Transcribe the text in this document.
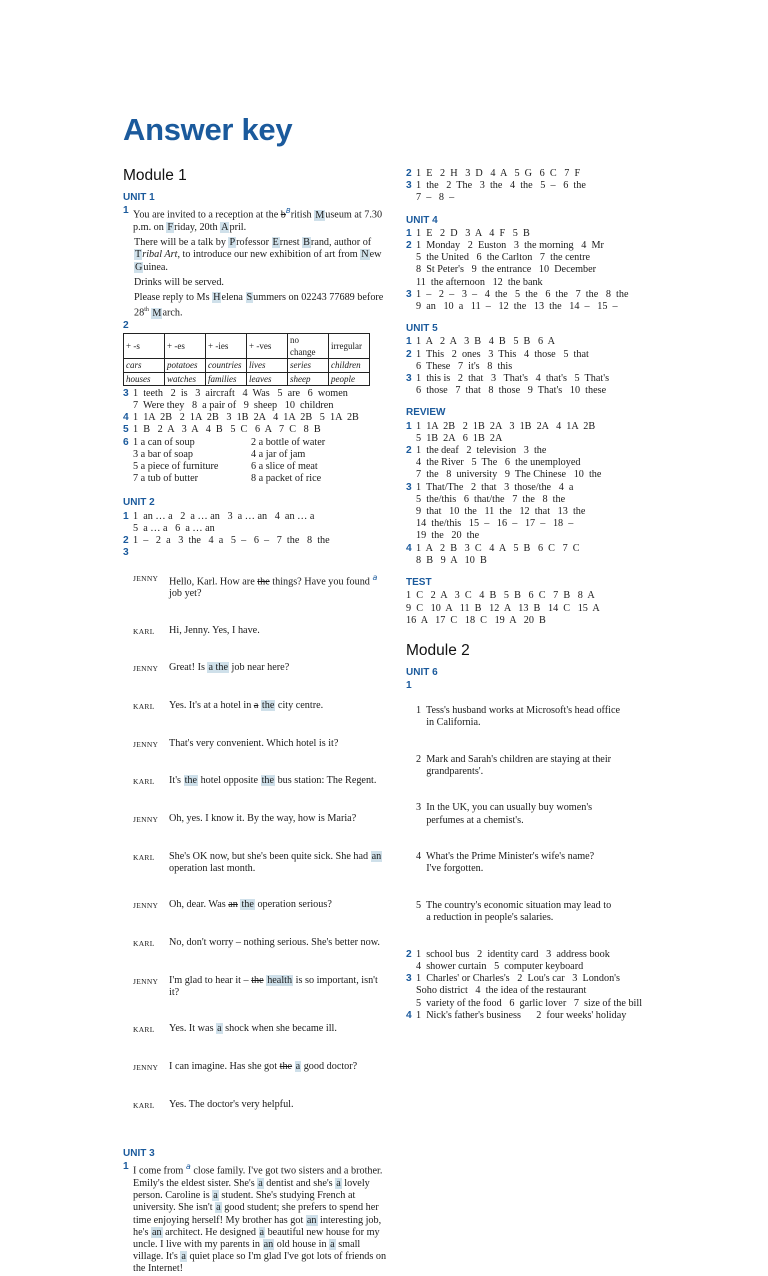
Answer key
Module 1
UNIT 1
1 You are invited to a reception at the $b^British$ Museum at 7.30 p.m. on Friday, 20th April.
There will be a talk by Professor Ernest Brand, author of Tribal Art, to introduce our new exhibition of art from New Guinea.
Drinks will be served.
Please reply to Ms Helena Summers on 02243 77689 before 28th March.
2
+ -s	+ -es	+ -ies	+ -ves	no change	irregular
cars	potatoes	countries	lives	series	children
houses	watches	families	leaves	sheep	people
3 1  teeth   2  is   3  aircraft   4  Was   5  are   6  women
7  Were they   8  a pair of   9  sheep   10  children
4 1  1A  2B   2  1A  2B   3  1B  2A   4  1A  2B   5  1A  2B
5 1  B   2  A   3  A   4  B   5  C   6  A   7  C   8  B
6 1 a can of soup	2 a bottle of water
3 a bar of soap	4 a jar of jam
5 a piece of furniture	6 a slice of meat
7 a tub of butter	8 a packet of rice
UNIT 2
1 1  an … a   2  a … an   3  a … an   4  an … a
5  a … a   6  a … an
2 1  –   2  a   3  the   4  a   5  –   6  –   7  the   8  the
3

JENNY	Hello, Karl. How are the things? Have you found $^a$ job yet?

KARL	Hi, Jenny. Yes, I have.

JENNY	Great! Is a the job near here?

KARL	Yes. It's at a hotel in a the city centre.

JENNY	That's very convenient. Which hotel is it?

KARL	It's the hotel opposite the bus station: The Regent.

JENNY	Oh, yes. I know it. By the way, how is Maria?

KARL	She's OK now, but she's been quite sick. She had an operation last month.

JENNY	Oh, dear. Was an the operation serious?

KARL	No, don't worry – nothing serious. She's better now.

JENNY	I'm glad to hear it – the health is so important, isn't it?

KARL	Yes. It was a shock when she became ill.

JENNY	I can imagine. Has she got the a good doctor?

KARL	Yes. The doctor's very helpful.

UNIT 3
1 I come from $^a$ close family. I've got two sisters and a brother. Emily's the eldest sister. She's a dentist and she's a lovely person. Caroline is a student. She's studying French at university. She isn't a good student; she prefers to spend her time enjoying herself! My brother has got an interesting job, he's an architect. He designed a beautiful new house for my uncle. I live with my parents in an old house in a small village. It's a quiet place so I'm glad I've got lots of friends on the Internet!
2 1  E   2  H   3  D   4  A   5  G   6  C   7  F
3 1  the   2  The   3  the   4  the   5  –   6  the
7  –   8  –
UNIT 4
1 1  E   2  D   3  A   4  F   5  B
2 1  Monday   2  Euston   3  the morning   4  Mr
5  the United   6  the Carlton   7  the centre
8  St Peter's   9  the entrance   10  December
11  the afternoon   12  the bank
3 1  –   2  –   3  –   4  the   5  the   6  the   7  the   8  the
9  an   10  a   11  –   12  the   13  the   14  –   15  –
UNIT 5
1 1  A   2  A   3  B   4  B   5  B   6  A
2 1  This   2  ones   3  This   4  those   5  that
6  These   7  it's   8  this
3 1  this is   2  that   3   That's   4  that's   5  That's
6  those   7  that   8  those   9  That's   10  these
REVIEW
1 1  1A  2B   2  1B  2A   3  1B  2A   4  1A  2B
5  1B  2A   6  1B  2A
2 1  the deaf   2  television   3  the
4  the River   5  The   6  the unemployed
7  the   8  university   9  The Chinese   10  the
3 1  That/The   2  that   3  those/the   4  a
5  the/this   6  that/the   7  the   8  the
9  that   10  the   11  the   12  that   13  the
14  the/this   15  –   16  –   17  –   18  –
19  the   20  the
4 1  A   2  B   3  C   4  A   5  B   6  C   7  C
8  B   9  A   10  B
TEST
1  C   2  A   3  C   4  B   5  B   6  C   7  B   8  A
9  C   10  A   11  B   12  A   13  B   14  C   15  A
16  A   17  C   18  C   19  A   20  B
Module 2
UNIT 6
1

1  Tess's husband works at Microsoft's head office
in California.

2  Mark and Sarah's children are staying at their
grandparents'.

3  In the UK, you can usually buy women's
perfumes at a chemist's.

4  What's the Prime Minister's wife's name?
I've forgotten.

5  The country's economic situation may lead to
a reduction in people's salaries.

2 1  school bus   2  identity card   3  address book
4  shower curtain   5  computer keyboard
3 1  Charles' or Charles's   2  Lou's car   3  London's
Soho district   4  the idea of the restaurant
5  variety of the food   6  garlic lover   7  size of the bill
4 1  Nick's father's business      2  four weeks' holiday
